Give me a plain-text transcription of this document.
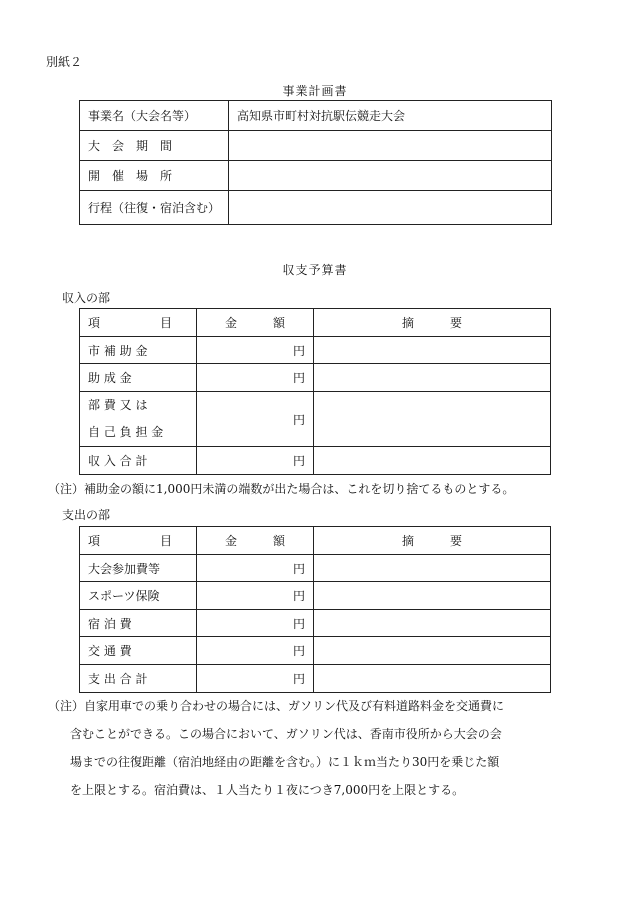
別紙２
事業計画書
事業名（大会名等）	高知県市町村対抗駅伝競走大会
大　会　期　間	
開　催　場　所	
行程（往復・宿泊含む）	
収支予算書
収入の部
項　　　　　目	金　　　額	摘　　　要
市 補 助 金	円	
助 成 金	円	

部 費 又 は
自 己 負 担 金	円	
収 入 合 計	円	
（注）補助金の額に1,000円未満の端数が出た場合は、これを切り捨てるものとする。
支出の部
項　　　　　目	金　　　額	摘　　　要
大会参加費等	円	
スポーツ保険	円	
宿 泊 費	円	
交 通 費	円	
支 出 合 計	円	
（注）自家用車での乗り合わせの場合には、ガソリン代及び有料道路料金を交通費に
含むことができる。この場合において、ガソリン代は、香南市役所から大会の会
場までの往復距離（宿泊地経由の距離を含む。）に１ｋｍ当たり30円を乗じた額
を上限とする。宿泊費は、１人当たり１夜につき7,000円を上限とする。
